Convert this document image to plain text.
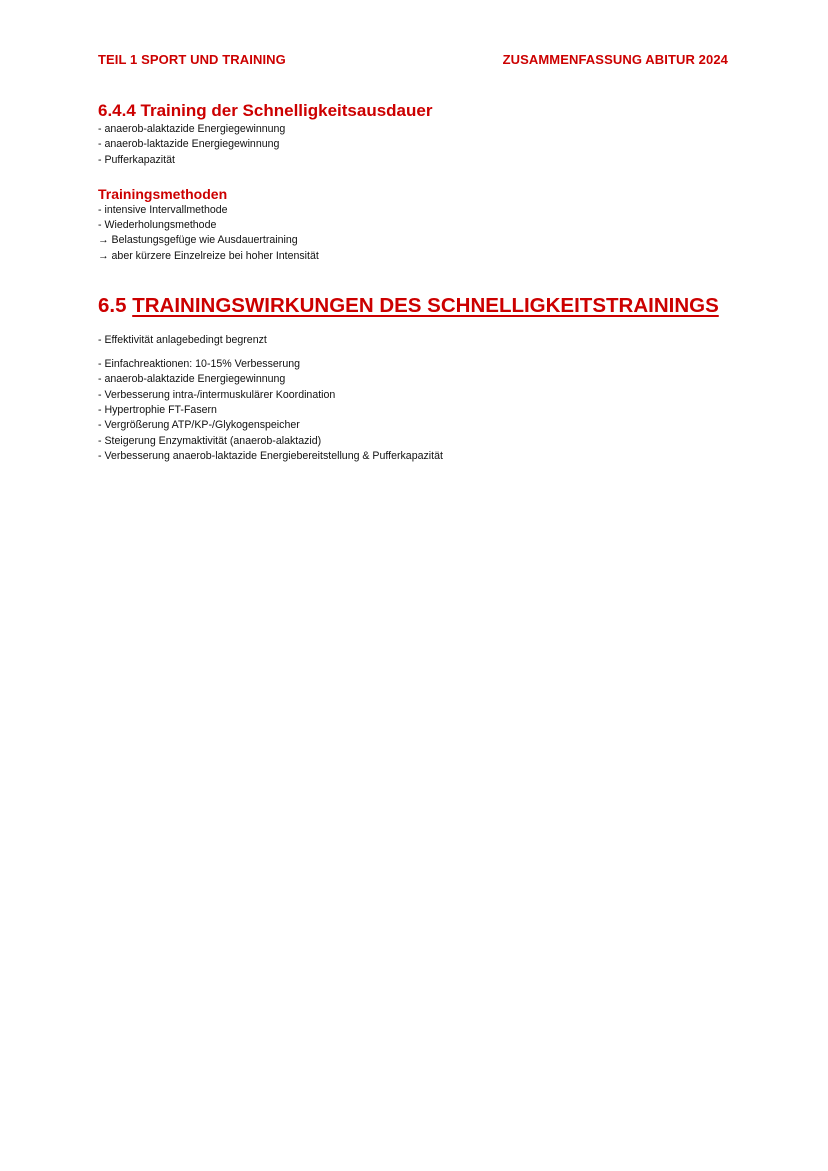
TEIL 1 SPORT UND TRAINING	ZUSAMMENFASSUNG ABITUR 2024
6.4.4 Training der Schnelligkeitsausdauer
- anaerob-alaktazide Energiegewinnung
- anaerob-laktazide Energiegewinnung
- Pufferkapazität
Trainingsmethoden
- intensive Intervallmethode
- Wiederholungsmethode
→ Belastungsgefüge wie Ausdauertraining
→ aber kürzere Einzelreize bei hoher Intensität
6.5 TRAININGSWIRKUNGEN DES SCHNELLIGKEITSTRAININGS
- Effektivität anlagebedingt begrenzt
- Einfachreaktionen: 10-15% Verbesserung
- anaerob-alaktazide Energiegewinnung
- Verbesserung intra-/intermuskulärer Koordination
- Hypertrophie FT-Fasern
- Vergrößerung ATP/KP-/Glykogenspeicher
- Steigerung Enzymaktivität (anaerob-alaktazid)
- Verbesserung anaerob-laktazide Energiebereitstellung & Pufferkapazität
